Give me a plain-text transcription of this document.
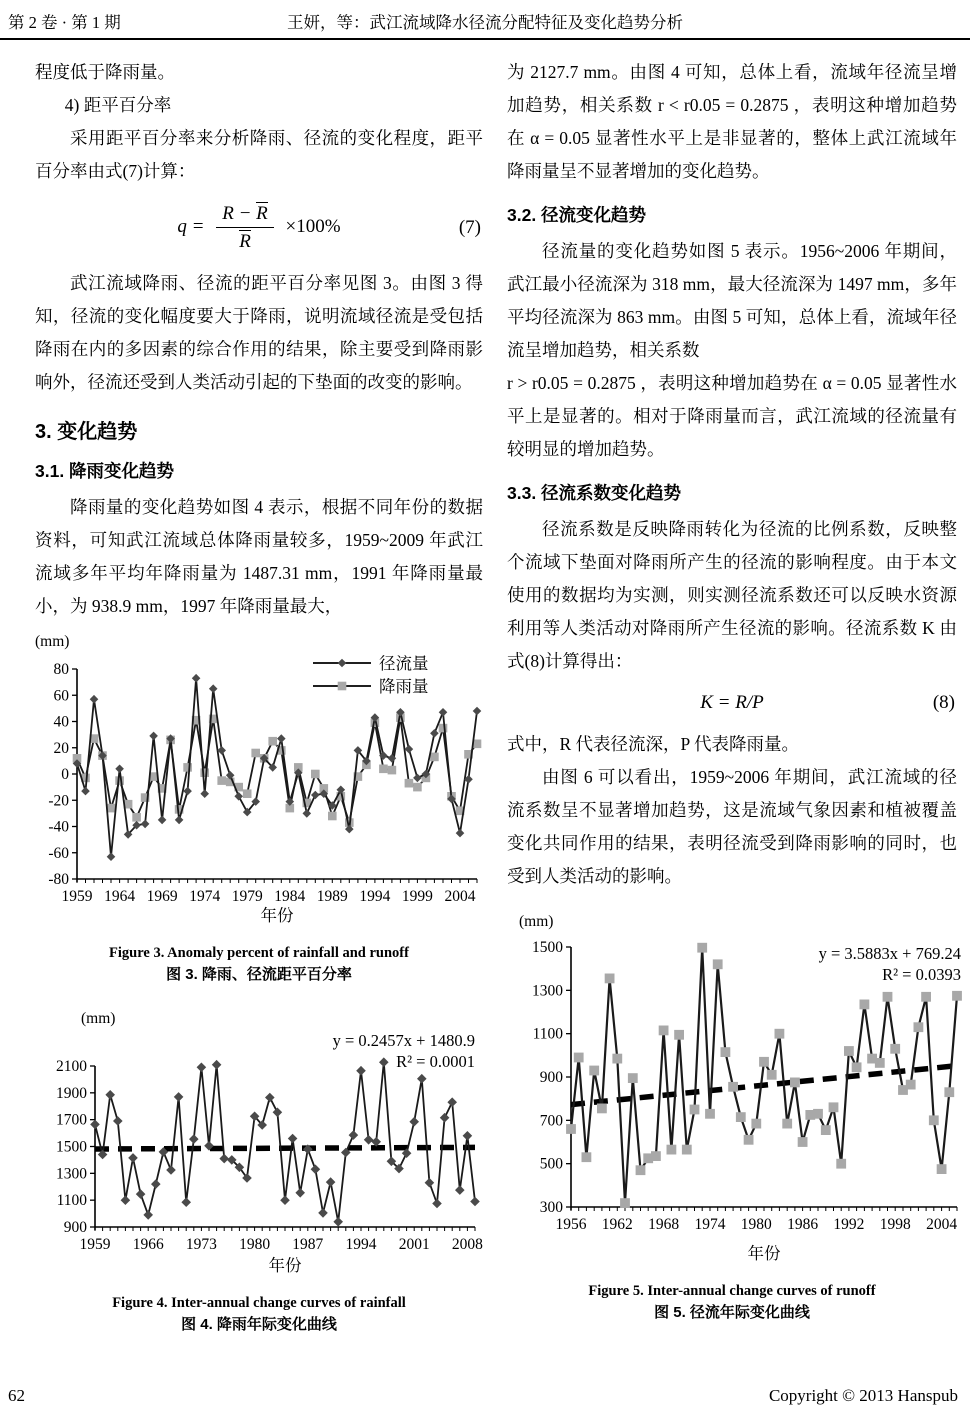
第 2 卷 · 第 1 期	王妍，等：武江流域降水径流分配特征及变化趋势分析

程度低于降雨量。

4) 距平百分率

采用距平百分率来分析降雨、径流的变化程度，距平百分率由式(7)计算：

$q = \frac{R - R}{R} \times 100\%$	(7)

武江流域降雨、径流的距平百分率见图 3。由图 3 得知，径流的变化幅度要大于降雨，说明流域径流是受包括降雨在内的多因素的综合作用的结果，除主要受到降雨影响外，径流还受到人类活动引起的下垫面的改变的影响。

3. 变化趋势
3.1. 降雨变化趋势

降雨量的变化趋势如图 4 表示，根据不同年份的数据资料，可知武江流域总体降雨量较多，1959~2009 年武江流域多年平均年降雨量为 1487.31 mm，1991 年降雨量最小，为 938.9 mm，1997 年降雨量最大，

(mm)
-80
-60
-40
-20
0
20
40
60
80
1959 1964 1969 1974 1979 1984 1989 1994 1999 2004
年份
径流量
降雨量
Figure 3. Anomaly percent of rainfall and runoff
图 3. 降雨、径流距平百分率
(mm)
900
1100
1300
1500
1700
1900
2100
1959 1966 1973 1980 1987 1994 2001 2008
年份
y = 0.2457x + 1480.9
R² = 0.0001
Figure 4. Inter-annual change curves of rainfall
图 4. 降雨年际变化曲线

为 2127.7 mm。由图 4 可知，总体上看，流域年径流呈增加趋势，相关系数 r < r0.05 = 0.2875 ，表明这种增加趋势在 α = 0.05 显著性水平上是非显著的，整体上武江流域年降雨量呈不显著增加的变化趋势。

3.2. 径流变化趋势

径流量的变化趋势如图 5 表示。1956~2006 年期间，武江最小径流深为 318 mm，最大径流深为 1497 mm，多年平均径流深为 863 mm。由图 5 可知，总体上看，流域年径流呈增加趋势，相关系数

r > r0.05 = 0.2875 ，表明这种增加趋势在 α = 0.05 显著性水平上是显著的。相对于降雨量而言，武江流域的径流量有较明显的增加趋势。

3.3. 径流系数变化趋势

径流系数是反映降雨转化为径流的比例系数，反映整个流域下垫面对降雨所产生的径流的影响程度。由于本文使用的数据均为实测，则实测径流系数还可以反映水资源利用等人类活动对降雨所产生径流的影响。径流系数 K 由式(8)计算得出：

K = R/P	(8)

式中，R 代表径流深，P 代表降雨量。

由图 6 可以看出，1959~2006 年期间，武江流域的径流系数呈不显著增加趋势，这是流域气象因素和植被覆盖变化共同作用的结果，表明径流受到降雨影响的同时，也受到人类活动的影响。

(mm)
300
500
700
900
1100
1300
1500
1956 1962 1968 1974 1980 1986 1992 1998 2004
年份
y = 3.5883x + 769.24
R² = 0.0393
Figure 5. Inter-annual change curves of runoff
图 5. 径流年际变化曲线
62	Copyright © 2013 Hanspub
